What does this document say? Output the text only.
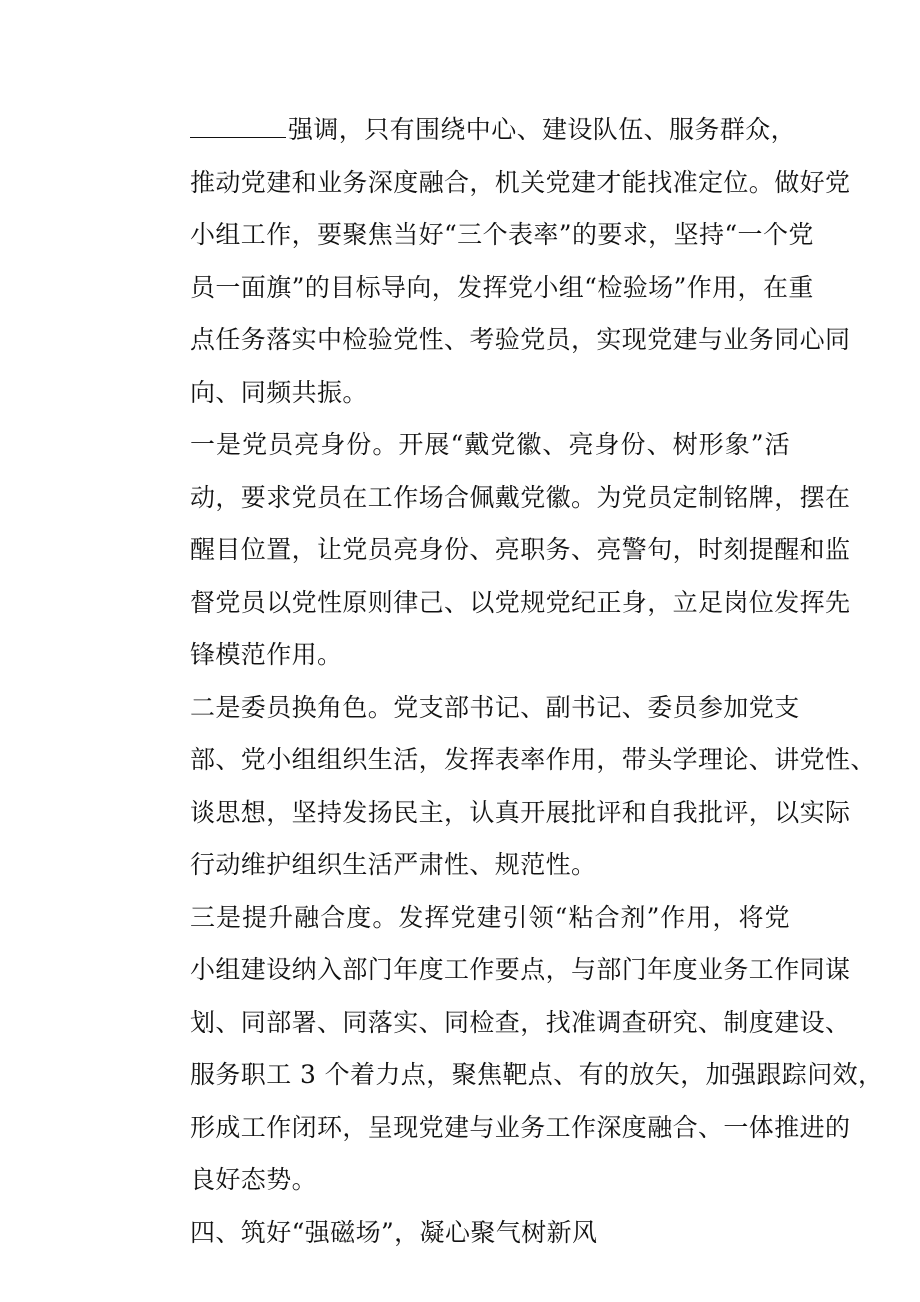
强调，只有围绕中心、建设队伍、服务群众，
推动党建和业务深度融合，机关党建才能找准定位。做好党
小组工作，要聚焦当好“三个表率”的要求，坚持“一个党
员一面旗”的目标导向，发挥党小组“检验场”作用，在重
点任务落实中检验党性、考验党员，实现党建与业务同心同
向、同频共振。
一是党员亮身份。开展“戴党徽、亮身份、树形象”活
动，要求党员在工作场合佩戴党徽。为党员定制铭牌，摆在
醒目位置，让党员亮身份、亮职务、亮警句，时刻提醒和监
督党员以党性原则律己、以党规党纪正身，立足岗位发挥先
锋模范作用。
二是委员换角色。党支部书记、副书记、委员参加党支
部、党小组组织生活，发挥表率作用，带头学理论、讲党性、
谈思想，坚持发扬民主，认真开展批评和自我批评，以实际
行动维护组织生活严肃性、规范性。
三是提升融合度。发挥党建引领“粘合剂”作用，将党
小组建设纳入部门年度工作要点，与部门年度业务工作同谋
划、同部署、同落实、同检查，找准调查研究、制度建设、
服务职工 3 个着力点，聚焦靶点、有的放矢，加强跟踪问效，
形成工作闭环，呈现党建与业务工作深度融合、一体推进的
良好态势。
四、筑好“强磁场”，凝心聚气树新风
